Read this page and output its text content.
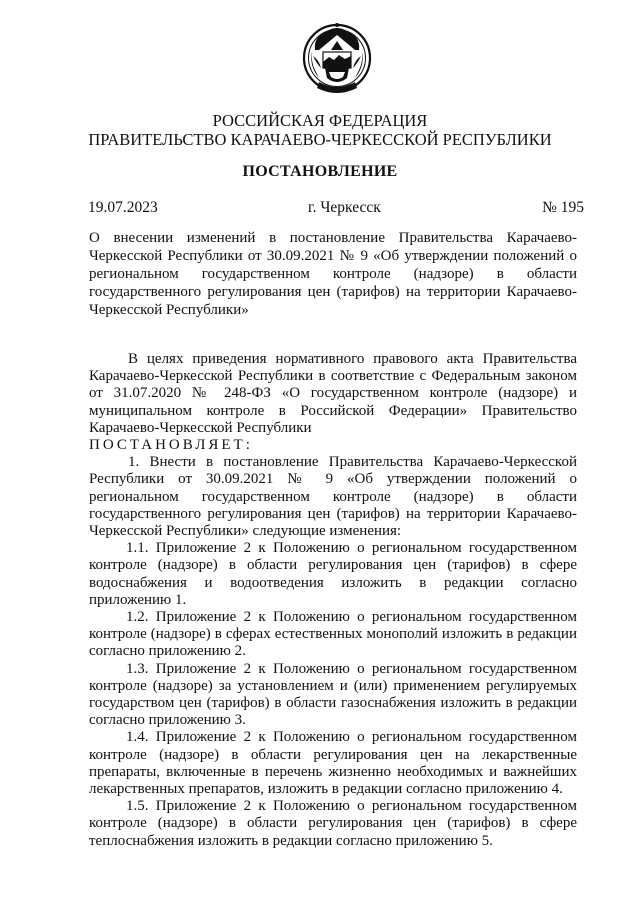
РОССИЙСКАЯ ФЕДЕРАЦИЯ
ПРАВИТЕЛЬСТВО КАРАЧАЕВО-ЧЕРКЕССКОЙ РЕСПУБЛИКИ
ПОСТАНОВЛЕНИЕ
19.07.2023	г. Черкесск	№ 195
О внесении изменений в постановление Правительства Карачаево-Черкесской Республики от 30.09.2021 № 9 «Об утверждении положений о региональном государственном контроле (надзоре) в области государственного регулирования цен (тарифов) на территории Карачаево-Черкесской Республики»

В целях приведения нормативного правового акта Правительства Карачаево-Черкесской Республики в соответствие с Федеральным законом от 31.07.2020 № 248-ФЗ «О государственном контроле (надзоре) и муниципальном контроле в Российской Федерации» Правительство Карачаево-Черкесской Республики

ПОСТАНОВЛЯЕТ:

1. Внести в постановление Правительства Карачаево-Черкесской Республики от 30.09.2021 № 9 «Об утверждении положений о региональном государственном контроле (надзоре) в области государственного регулирования цен (тарифов) на территории Карачаево-Черкесской Республики» следующие изменения:

1.1. Приложение 2 к Положению о региональном государственном контроле (надзоре) в области регулирования цен (тарифов) в сфере водоснабжения и водоотведения изложить в редакции согласно приложению 1.

1.2. Приложение 2 к Положению о региональном государственном контроле (надзоре) в сферах естественных монополий изложить в редакции согласно приложению 2.

1.3. Приложение 2 к Положению о региональном государственном контроле (надзоре) за установлением и (или) применением регулируемых государством цен (тарифов) в области газоснабжения изложить в редакции согласно приложению 3.

1.4. Приложение 2 к Положению о региональном государственном контроле (надзоре) в области регулирования цен на лекарственные препараты, включенные в перечень жизненно необходимых и важнейших лекарственных препаратов, изложить в редакции согласно приложению 4.

1.5. Приложение 2 к Положению о региональном государственном контроле (надзоре) в области регулирования цен (тарифов) в сфере теплоснабжения изложить в редакции согласно приложению 5.
